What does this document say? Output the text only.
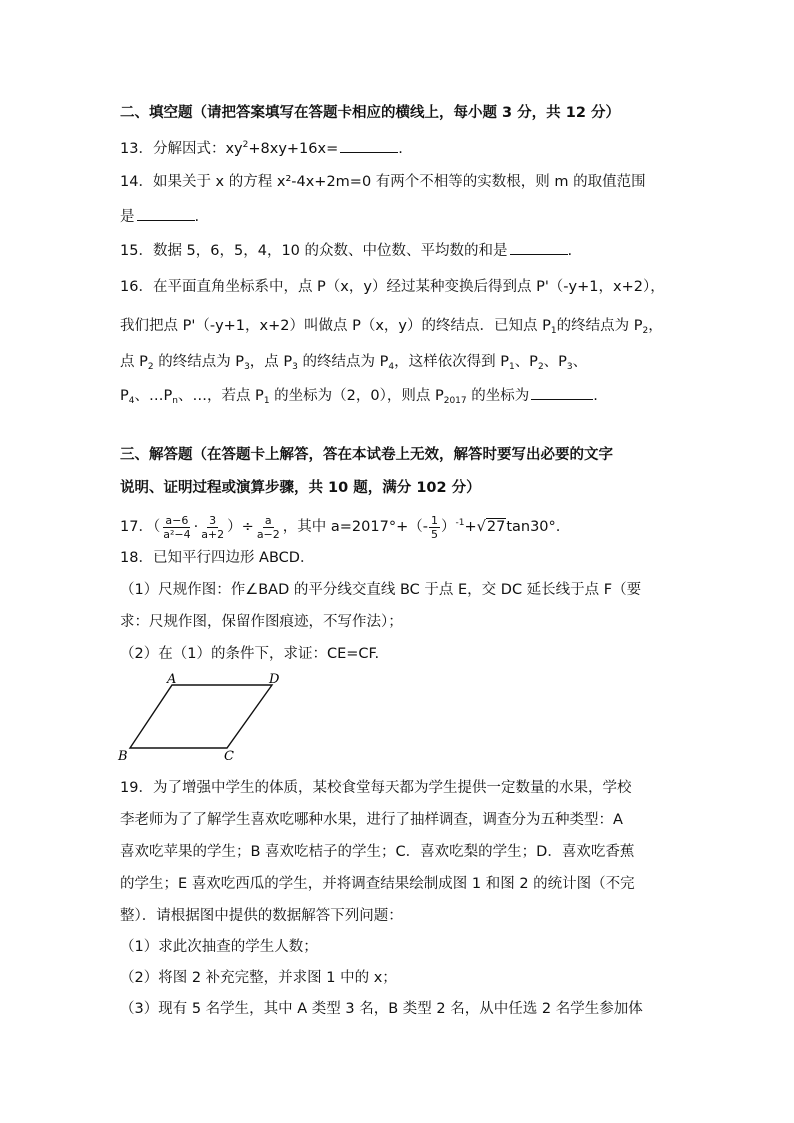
二、填空题（请把答案填写在答题卡相应的横线上，每小题 3 分，共 12 分）
13．分解因式：$xy^2+8xy+16x=$	.
14．如果关于 x 的方程 x²-4x+2m=0 有两个不相等的实数根，则 m 的取值范围
是	.
15．数据 5，6，5，4，10 的众数、中位数、平均数的和是	.
16．在平面直角坐标系中，点 P（x，y）经过某种变换后得到点 P'（-y+1，x+2），
我们把点 P'（-y+1，x+2）叫做点 P（x，y）的终结点．已知点 $P_1$的终结点为 $P_2$，
点 $P_2$ 的终结点为 $P_3$，点 $P_3$ 的终结点为 $P_4$，这样依次得到 $P_1$、$P_2$、$P_3$、
$P_4$、$\dots P_n$、…，若点 $P_1$ 的坐标为（2，0），则点 $P_{2017}$ 的坐标为	.
三、解答题（在答题卡上解答，答在本试卷上无效，解答时要写出必要的文字
说明、证明过程或演算步骤，共 10 题，满分 102 分）
17．（ $\frac{a-6}{\text{a²−4}} \cdot \frac{3}{a+2}$ ）÷ $\frac{a}{a-2}$ ，其中 $a=2017^\circ+(- \frac{1}{5} )^{-1}+√27\tan 30^\circ$.
18．已知平行四边形 ABCD．
（1）尺规作图：作∠BAD 的平分线交直线 BC 于点 E，交 DC 延长线于点 F（要
求：尺规作图，保留作图痕迹，不写作法）；
（2）在（1）的条件下，求证：CE=CF.
A	D
B	C
19．为了增强中学生的体质，某校食堂每天都为学生提供一定数量的水果，学校
李老师为了了解学生喜欢吃哪种水果，进行了抽样调查，调查分为五种类型：A
喜欢吃苹果的学生；B 喜欢吃桔子的学生；C．喜欢吃梨的学生；D．喜欢吃香蕉
的学生；E 喜欢吃西瓜的学生，并将调查结果绘制成图 1 和图 2 的统计图（不完
整）．请根据图中提供的数据解答下列问题：
（1）求此次抽查的学生人数；
（2）将图 2 补充完整，并求图 1 中的 x；
（3）现有 5 名学生，其中 A 类型 3 名，B 类型 2 名，从中任选 2 名学生参加体
